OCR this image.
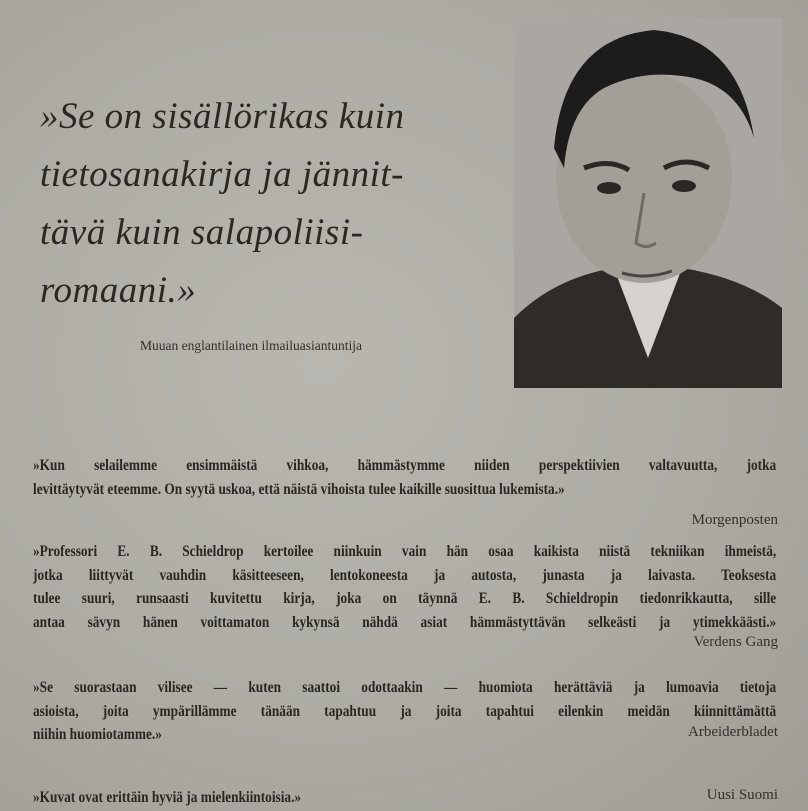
»Se on sisällörikas kuin
tietosanakirja ja jännit-
tävä kuin salapoliisi-
romaani.»
Muuan englantilainen ilmailuasiantuntija
»Kun selailemme ensimmäistä vihkoa, hämmästymme niiden perspektiivien valtavuutta, jotka
levittäytyvät eteemme. On syytä uskoa, että näistä vihoista tulee kaikille suosittua lukemista.»
Morgenposten
»Professori E. B. Schieldrop kertoilee niinkuin vain hän osaa kaikista niistä tekniikan ihmeistä,
jotka liittyvät vauhdin käsitteeseen, lentokoneesta ja autosta, junasta ja laivasta. Teoksesta
tulee suuri, runsaasti kuvitettu kirja, joka on täynnä E. B. Schieldropin tiedonrikkautta, sille
antaa sävyn hänen voittamaton kykynsä nähdä asiat hämmästyttävän selkeästi ja ytimekkäästi.»
Verdens Gang
»Se suorastaan vilisee — kuten saattoi odottaakin — huomiota herättäviä ja lumoavia tietoja
asioista, joita ympärillämme tänään tapahtuu ja joita tapahtui eilenkin meidän kiinnittämättä
niihin huomiotamme.»	Arbeiderbladet
»Kuvat ovat erittäin hyviä ja mielenkiintoisia.»	Uusi Suomi
